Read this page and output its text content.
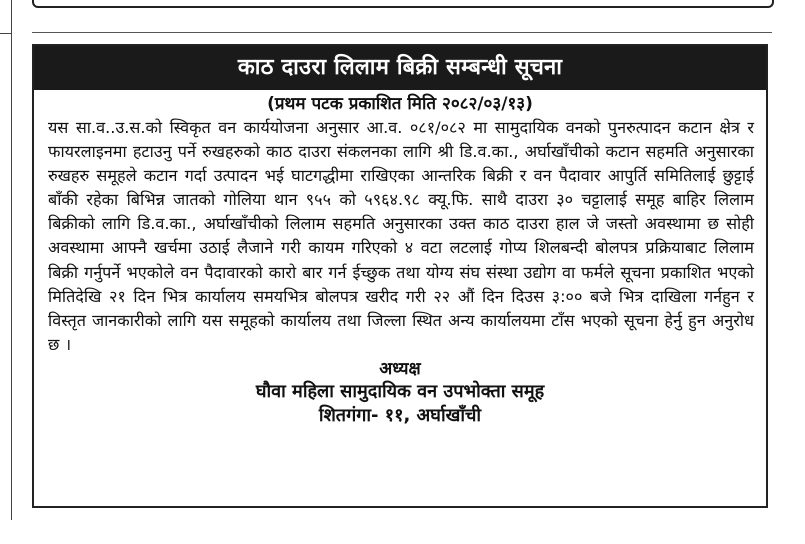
काठ दाउरा लिलाम बिक्री सम्बन्धी सूचना
(प्रथम पटक प्रकाशित मिति २०८२/०३/१३)
यस सा.व..उ.स.को स्विकृत वन कार्ययोजना अनुसार आ.व. ०८१/०८२ मा सामुदायिक वनको पुनरुत्पादन कटान क्षेत्र र फायरलाइनमा हटाउनु पर्ने रुखहरुको काठ दाउरा संकलनका लागि श्री डि.व.का., अर्घाखाँचीको कटान सहमति अनुसारका रुखहरु समूहले कटान गर्दा उत्पादन भई घाटगद्धीमा राखिएका आन्तरिक बिक्री र वन पैदावार आपुर्ति समितिलाई छुट्टाई बाँकी रहेका बिभिन्न जातको गोलिया थान ९५५ को ५९६४.९८ क्यू.फि. साथै दाउरा ३० चट्टालाई समूह बाहिर लिलाम बिक्रीको लागि डि.व.का., अर्घाखाँचीको लिलाम सहमति अनुसारका उक्त काठ दाउरा हाल जे जस्तो अवस्थामा छ सोही अवस्थामा आफ्नै खर्चमा उठाई लैजाने गरी कायम गरिएको ४ वटा लटलाई गोप्य शिलबन्दी बोलपत्र प्रक्रियाबाट लिलाम बिक्री गर्नुपर्ने भएकोले वन पैदावारको कारो बार गर्न ईच्छुक तथा योग्य संघ संस्था उद्योग वा फर्मले सूचना प्रकाशित भएको मितिदेखि २१ दिन भित्र कार्यालय समयभित्र बोलपत्र खरीद गरी २२ औं दिन दिउस ३:०० बजे भित्र दाखिला गर्नहुन र विस्तृत जानकारीको लागि यस समूहको कार्यालय तथा जिल्ला स्थित अन्य कार्यालयमा टाँस भएको सूचना हेर्नु हुन अनुरोध छ ।
अध्यक्ष
घौवा महिला सामुदायिक वन उपभोक्ता समूह
शितगंगा- ११, अर्घाखाँची
